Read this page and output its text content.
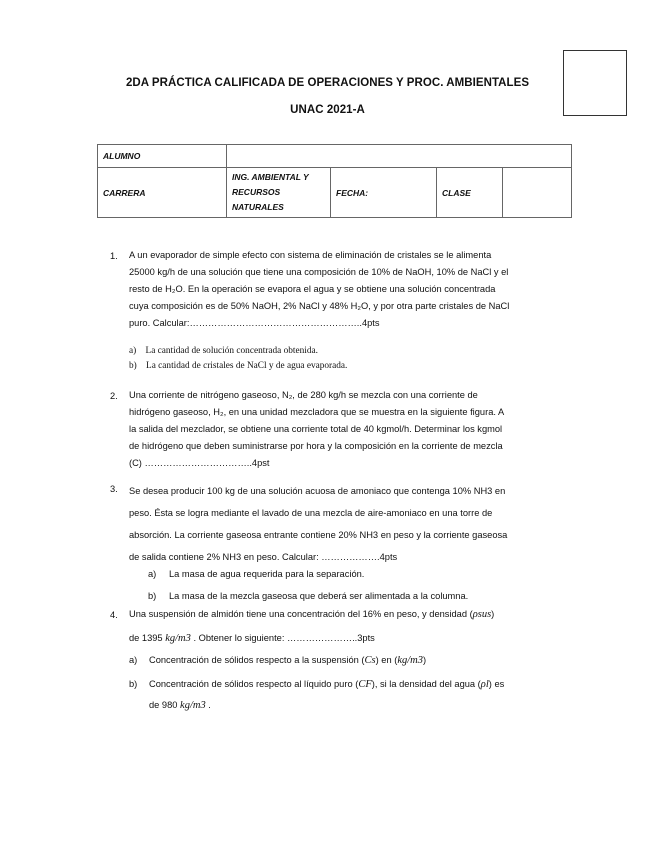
2DA PRÁCTICA CALIFICADA DE OPERACIONES Y PROC. AMBIENTALES
UNAC 2021-A
ALUMNO				
CARRERA	ING. AMBIENTAL Y
RECURSOS
NATURALES	FECHA:	CLASE	
1. A un evaporador de simple efecto con sistema de eliminación de cristales se le alimenta
25000 kg/h de una solución que tiene una composición de 10% de NaOH, 10% de NaCl y el
resto de H₂O. En la operación se evapora el agua y se obtiene una solución concentrada
cuya composición es de 50% NaOH, 2% NaCl y 48% H₂O, y por otra parte cristales de NaCl
puro. Calcular:………………………………………………..4pts
a) La cantidad de solución concentrada obtenida.
b) La cantidad de cristales de NaCl y de agua evaporada.
2. Una corriente de nitrógeno gaseoso, N₂, de 280 kg/h se mezcla con una corriente de
hidrógeno gaseoso, H₂, en una unidad mezcladora que se muestra en la siguiente figura. A
la salida del mezclador, se obtiene una corriente total de 40 kgmol/h. Determinar los kgmol
de hidrógeno que deben suministrarse por hora y la composición en la corriente de mezcla
(C) ……………………………..4pst
3. Se desea producir 100 kg de una solución acuosa de amoniaco que contenga 10% NH3 en
peso. Ésta se logra mediante el lavado de una mezcla de aire-amoniaco en una torre de
absorción. La corriente gaseosa entrante contiene 20% NH3 en peso y la corriente gaseosa
de salida contiene 2% NH3 en peso. Calcular: ……………….4pts
a) La masa de agua requerida para la separación.
b) La masa de la mezcla gaseosa que deberá ser alimentada a la columna.
4. Una suspensión de almidón tiene una concentración del 16% en peso, y densidad (ρsus)
de 1395 kg/m3 . Obtener lo siguiente: …………………..3pts
a) Concentración de sólidos respecto a la suspensión (Cs) en (kg/m3)
b) Concentración de sólidos respecto al líquido puro (CF), si la densidad del agua (ρl) es
de 980 kg/m3 .
